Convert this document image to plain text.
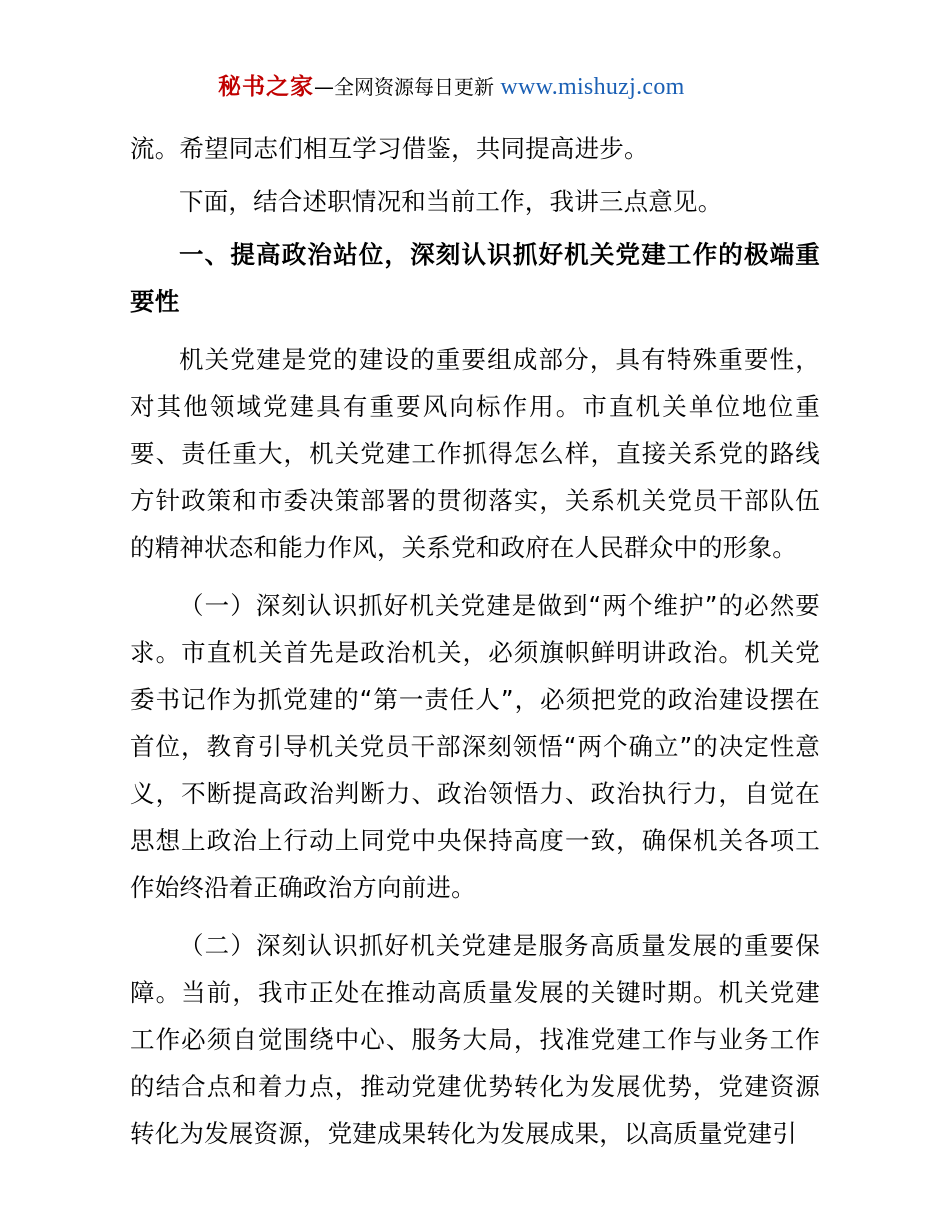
秘书之家—全网资源每日更新 www.mishuzj.com

流。希望同志们相互学习借鉴，共同提高进步。

下面，结合述职情况和当前工作，我讲三点意见。

一、提高政治站位，深刻认识抓好机关党建工作的极端重要性

机关党建是党的建设的重要组成部分，具有特殊重要性，对其他领域党建具有重要风向标作用。市直机关单位地位重要、责任重大，机关党建工作抓得怎么样，直接关系党的路线方针政策和市委决策部署的贯彻落实，关系机关党员干部队伍的精神状态和能力作风，关系党和政府在人民群众中的形象。

（一）深刻认识抓好机关党建是做到“两个维护”的必然要求。市直机关首先是政治机关，必须旗帜鲜明讲政治。机关党委书记作为抓党建的“第一责任人”，必须把党的政治建设摆在首位，教育引导机关党员干部深刻领悟“两个确立”的决定性意义，不断提高政治判断力、政治领悟力、政治执行力，自觉在思想上政治上行动上同党中央保持高度一致，确保机关各项工作始终沿着正确政治方向前进。

（二）深刻认识抓好机关党建是服务高质量发展的重要保障。当前，我市正处在推动高质量发展的关键时期。机关党建工作必须自觉围绕中心、服务大局，找准党建工作与业务工作的结合点和着力点，推动党建优势转化为发展优势，党建资源转化为发展资源，党建成果转化为发展成果，以高质量党建引
